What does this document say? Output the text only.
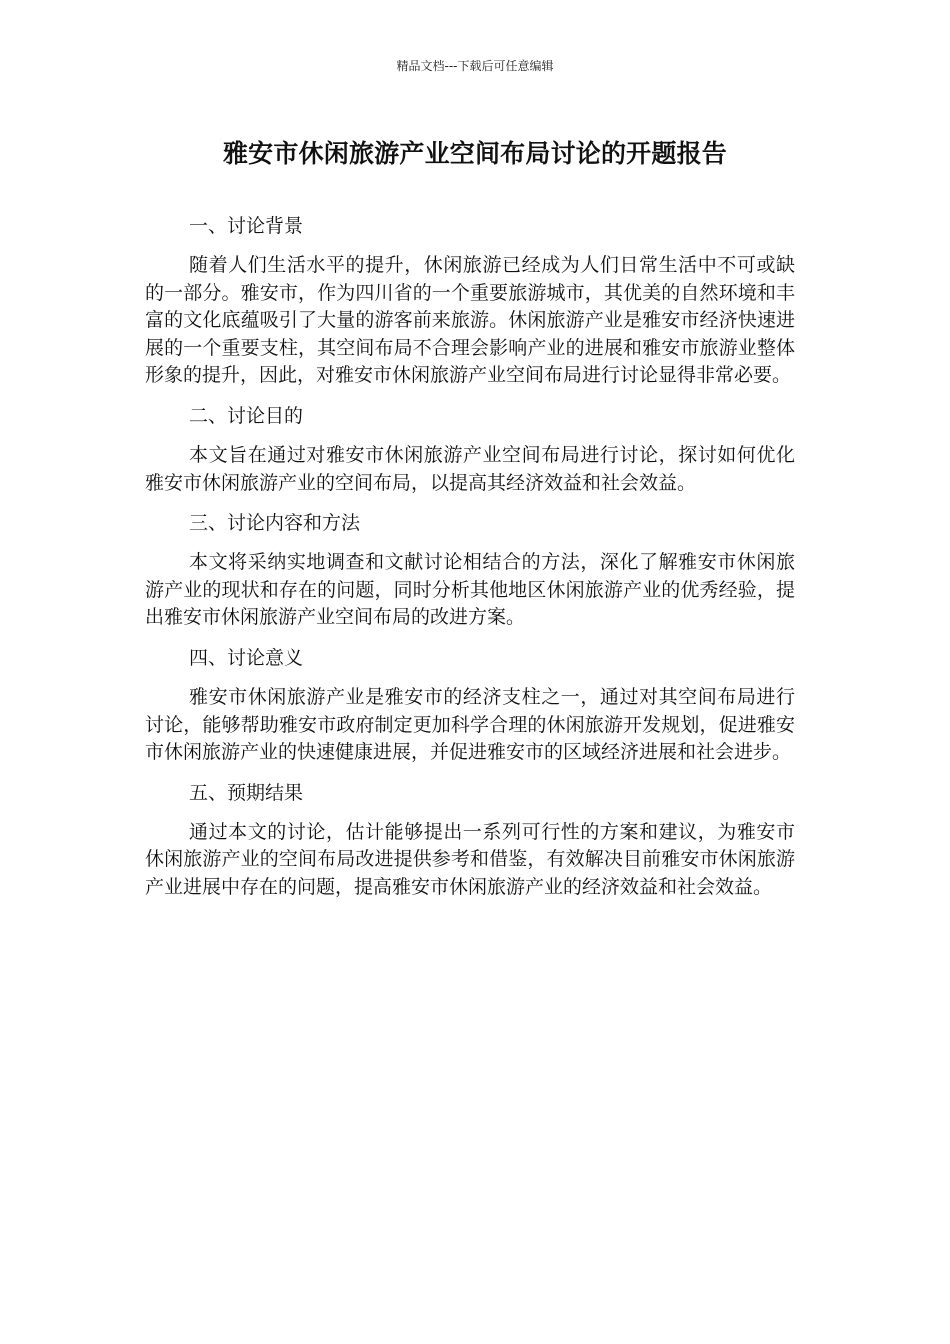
精品文档---下载后可任意编辑
雅安市休闲旅游产业空间布局讨论的开题报告

一、讨论背景

随着人们生活水平的提升，休闲旅游已经成为人们日常生活中不可或缺的一部分。雅安市，作为四川省的一个重要旅游城市，其优美的自然环境和丰富的文化底蕴吸引了大量的游客前来旅游。休闲旅游产业是雅安市经济快速进展的一个重要支柱，其空间布局不合理会影响产业的进展和雅安市旅游业整体形象的提升，因此，对雅安市休闲旅游产业空间布局进行讨论显得非常必要。

二、讨论目的

本文旨在通过对雅安市休闲旅游产业空间布局进行讨论，探讨如何优化雅安市休闲旅游产业的空间布局，以提高其经济效益和社会效益。

三、讨论内容和方法

本文将采纳实地调查和文献讨论相结合的方法，深化了解雅安市休闲旅游产业的现状和存在的问题，同时分析其他地区休闲旅游产业的优秀经验，提出雅安市休闲旅游产业空间布局的改进方案。

四、讨论意义

雅安市休闲旅游产业是雅安市的经济支柱之一，通过对其空间布局进行讨论，能够帮助雅安市政府制定更加科学合理的休闲旅游开发规划，促进雅安市休闲旅游产业的快速健康进展，并促进雅安市的区域经济进展和社会进步。

五、预期结果

通过本文的讨论，估计能够提出一系列可行性的方案和建议，为雅安市休闲旅游产业的空间布局改进提供参考和借鉴，有效解决目前雅安市休闲旅游产业进展中存在的问题，提高雅安市休闲旅游产业的经济效益和社会效益。
